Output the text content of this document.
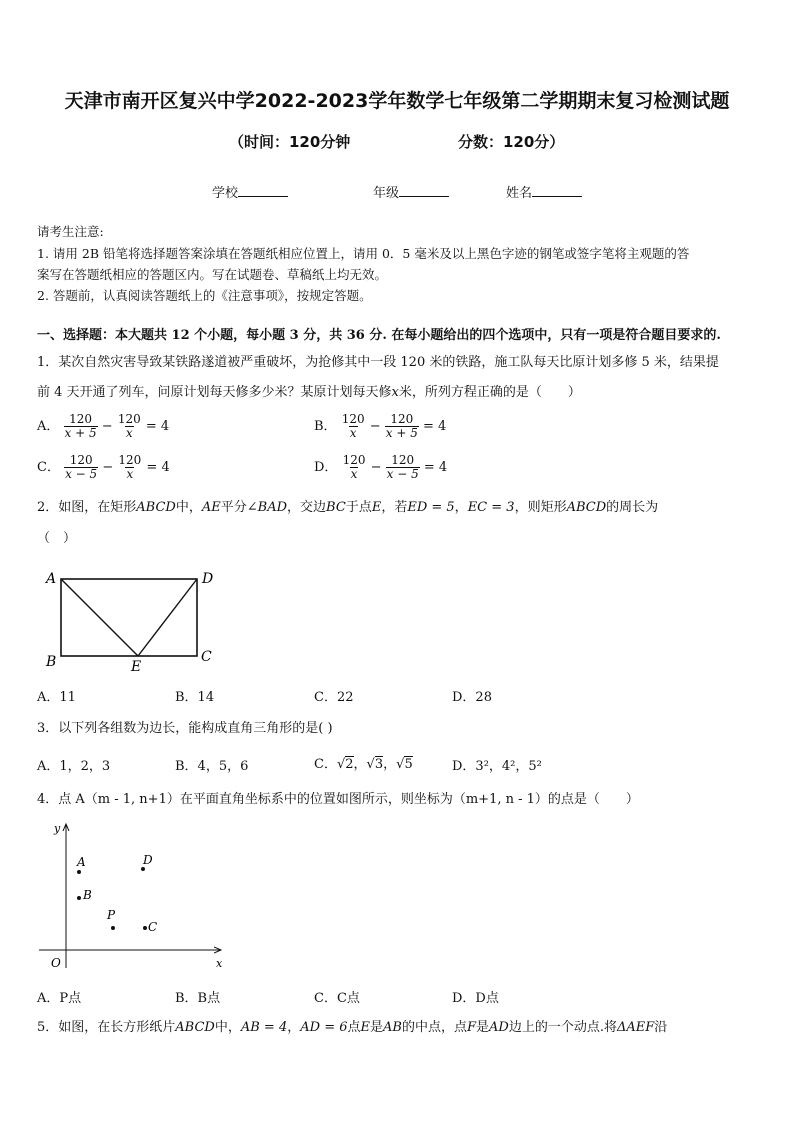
天津市南开区复兴中学2022-2023学年数学七年级第二学期期末复习检测试题
（时间：120分钟	分数：120分）
学校	年级	姓名
请考生注意:
1. 请用 2B 铅笔将选择题答案涂填在答题纸相应位置上，请用 0．5 毫米及以上黑色字迹的钢笔或签字笔将主观题的答
案写在答题纸相应的答题区内。写在试题卷、草稿纸上均无效。
2. 答题前，认真阅读答题纸上的《注意事项》，按规定答题。
一、选择题：本大题共 12 个小题，每小题 3 分，共 36 分. 在每小题给出的四个选项中，只有一项是符合题目要求的.
1．某次自然灾害导致某铁路遂道被严重破坏，为抢修其中一段 120 米的铁路，施工队每天比原计划多修 5 米，结果提
前 4 天开通了列车，问原计划每天修多少米？某原计划每天修x米，所列方程正确的是（　　）
A． $\frac{120}{x + 5} - \frac{120}{x} = 4$	B． $\frac{120}{x} - \frac{120}{x + 5} = 4$
C． $\frac{120}{x - 5} - \frac{120}{x} = 4$	D． $\frac{120}{x} - \frac{120}{x - 5} = 4$
2．如图，在矩形ABCD中，AE平分∠BAD，交边BC于点E，若ED = 5，EC = 3，则矩形ABCD的周长为
（　）
A	D
B	C
E
A．11	B．14	C．22	D．28
3．以下列各组数为边长，能构成直角三角形的是( )
A．1，2，3	B．4，5，6	C．√2，√3，√5	D．3²，4²，5²
4．点 A（m - 1, n+1）在平面直角坐标系中的位置如图所示，则坐标为（m+1, n - 1）的点是（　　）
y
x
O
A
B
D
P
C
A．P点	B．B点	C．C点	D．D点
5．如图，在长方形纸片ABCD中，AB = 4，AD = 6点E是AB的中点，点F是AD边上的一个动点.将ΔAEF沿
